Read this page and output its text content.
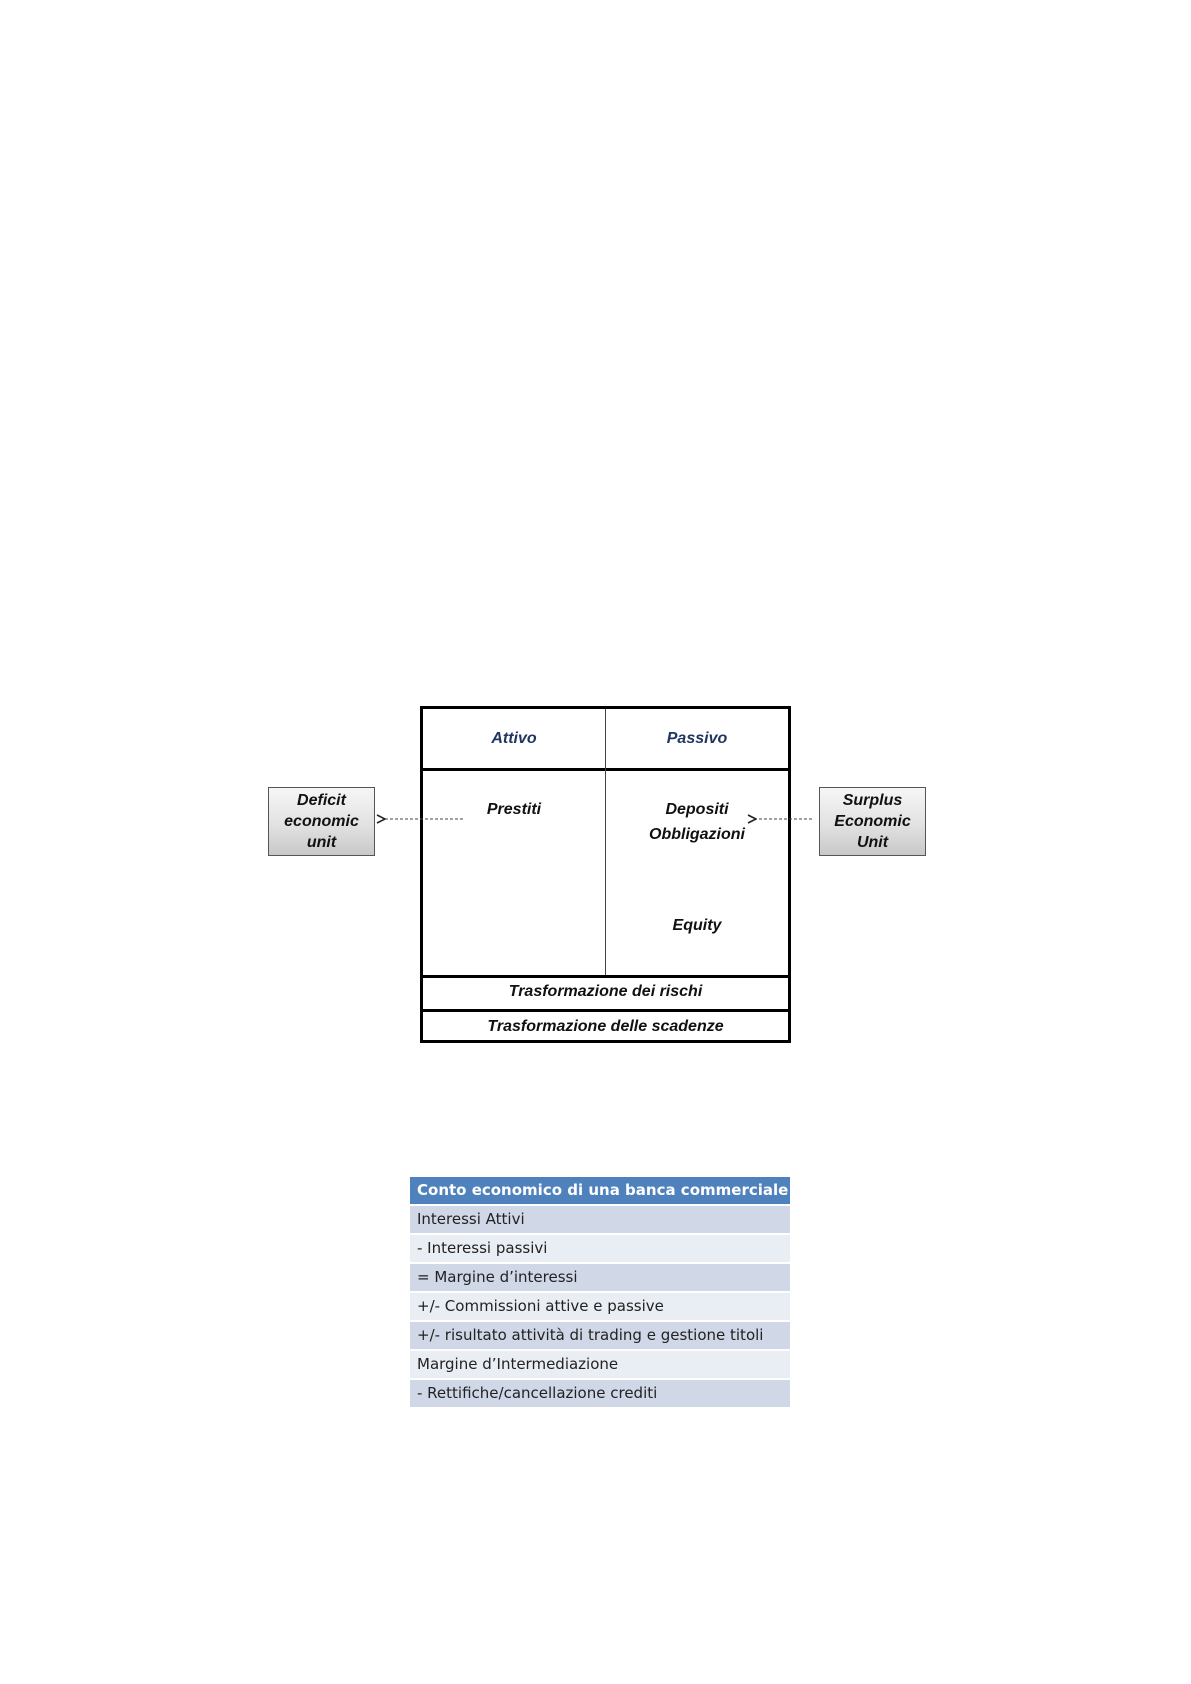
Deficit
economic
unit
Surplus
Economic
Unit
Attivo	Passivo
Prestiti	Depositi
Obbligazioni
Equity
Trasformazione dei rischi
Trasformazione delle scadenze
Conto economico di una banca commerciale
Interessi Attivi
- Interessi passivi
= Margine d’interessi
+/- Commissioni attive e passive
+/- risultato attività di trading e gestione titoli
Margine d’Intermediazione
- Rettifiche/cancellazione crediti
